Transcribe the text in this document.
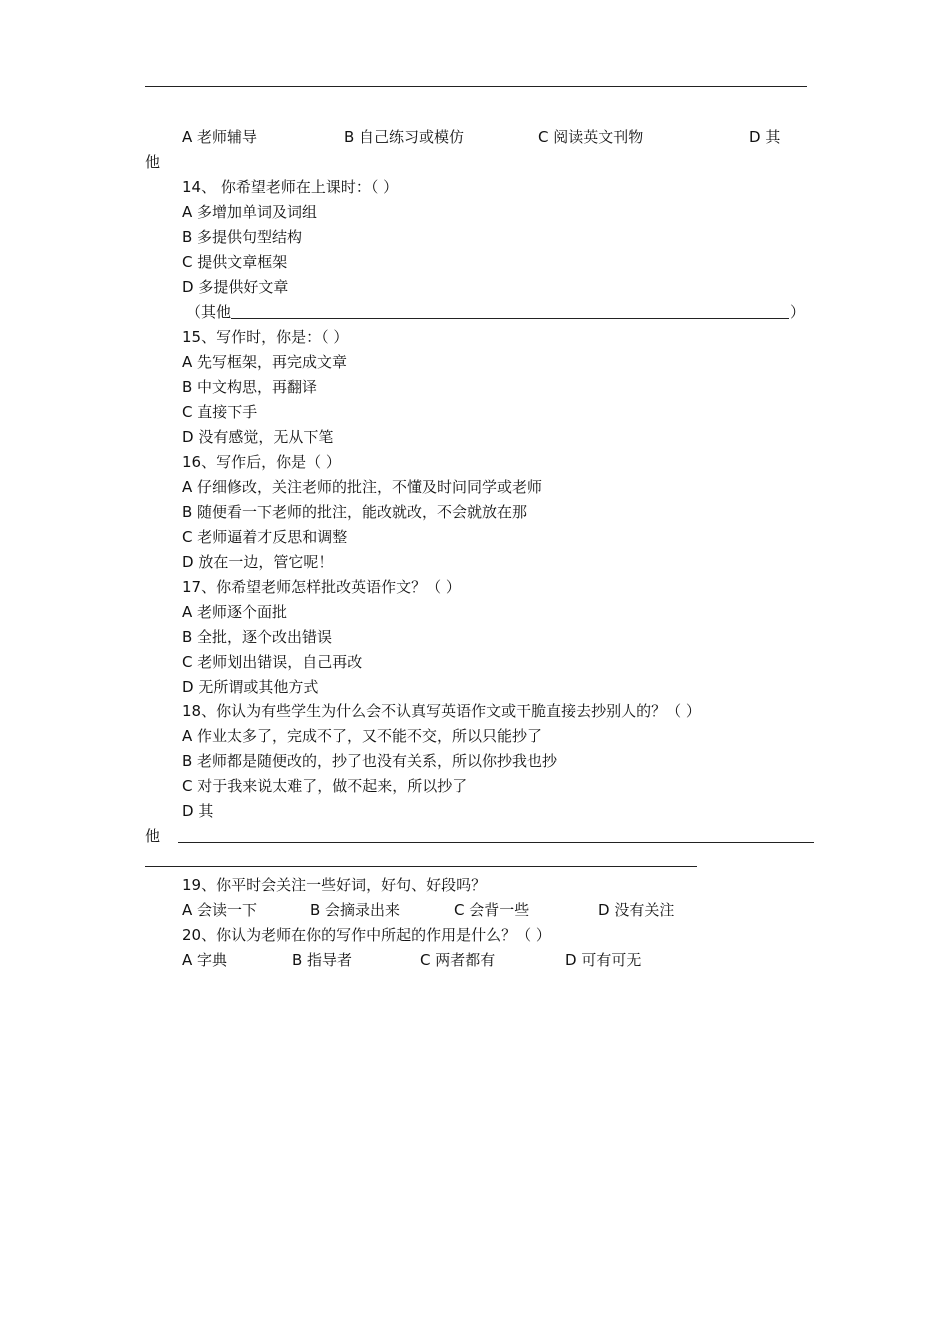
A 老师辅导	B 自己练习或模仿	C 阅读英文刊物	D 其
他
14、 你希望老师在上课时：（ ）
A 多增加单词及词组
B 多提供句型结构
C 提供文章框架
D 多提供好文章
（其他	）
15、写作时，你是：（ ）
A 先写框架，再完成文章
B 中文构思，再翻译
C 直接下手
D 没有感觉，无从下笔
16、写作后，你是（ ）
A 仔细修改，关注老师的批注，不懂及时问同学或老师
B 随便看一下老师的批注，能改就改，不会就放在那
C 老师逼着才反思和调整
D 放在一边，管它呢！
17、你希望老师怎样批改英语作文？（ ）
A 老师逐个面批
B 全批，逐个改出错误
C 老师划出错误，自己再改
D 无所谓或其他方式
18、你认为有些学生为什么会不认真写英语作文或干脆直接去抄别人的？（ ）
A 作业太多了，完成不了，又不能不交，所以只能抄了
B 老师都是随便改的，抄了也没有关系，所以你抄我也抄
C 对于我来说太难了，做不起来，所以抄了
D 其
他
19、你平时会关注一些好词，好句、好段吗？
A 会读一下	B 会摘录出来	C 会背一些	D 没有关注
20、你认为老师在你的写作中所起的作用是什么？（ ）
A 字典	B 指导者	C 两者都有	D 可有可无
